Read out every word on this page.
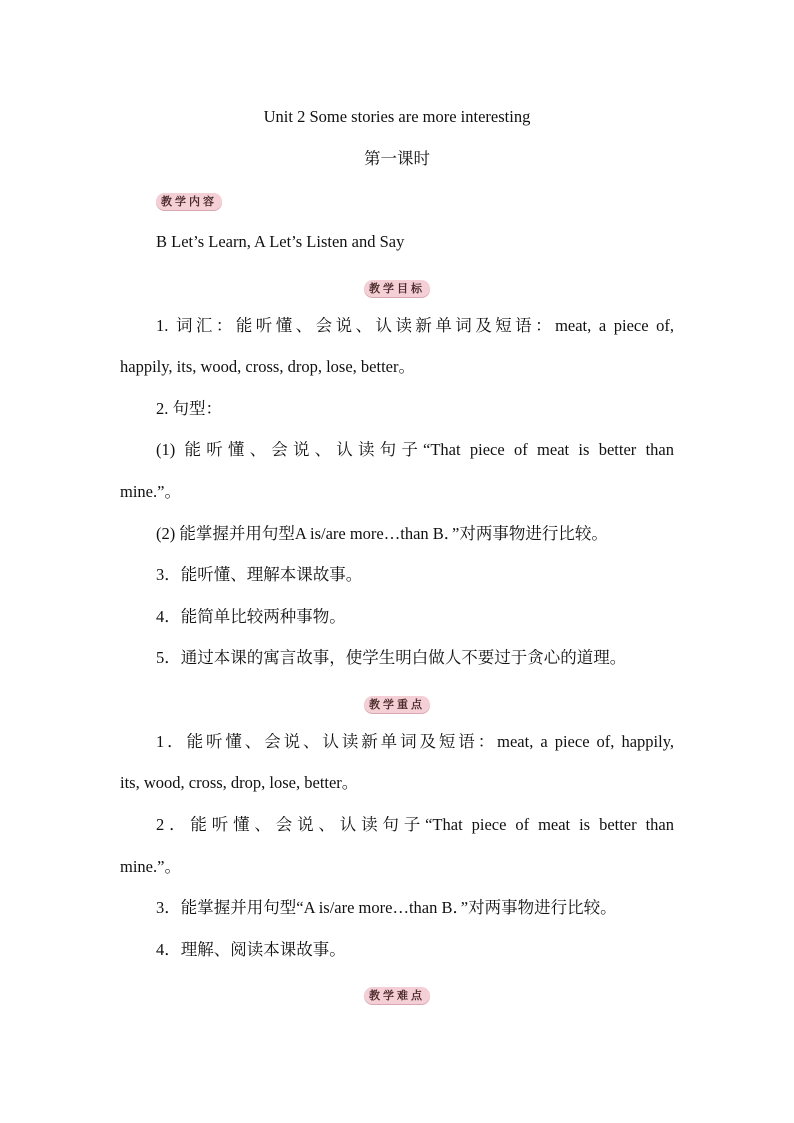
Unit 2 Some stories are more interesting
第一课时
教学内容
B Let’s Learn, A Let’s Listen and Say
教学目标
1. 词汇：能听懂、会说、认读新单词及短语：meat, a piece of,
happily, its, wood, cross, drop, lose, better。
2. 句型：
(1) 能听懂、会说、认读句子“That piece of meat is better than
mine.”。
(2) 能掌握并用句型A is/are more…than B．”对两事物进行比较。
3．能听懂、理解本课故事。
4．能简单比较两种事物。
5．通过本课的寓言故事，使学生明白做人不要过于贪心的道理。
教学重点
1．能听懂、会说、认读新单词及短语：meat, a piece of, happily,
its, wood, cross, drop, lose, better。
2．能听懂、会说、认读句子“That piece of meat is better than
mine.”。
3．能掌握并用句型“A is/are more…than B．”对两事物进行比较。
4．理解、阅读本课故事。
教学难点
